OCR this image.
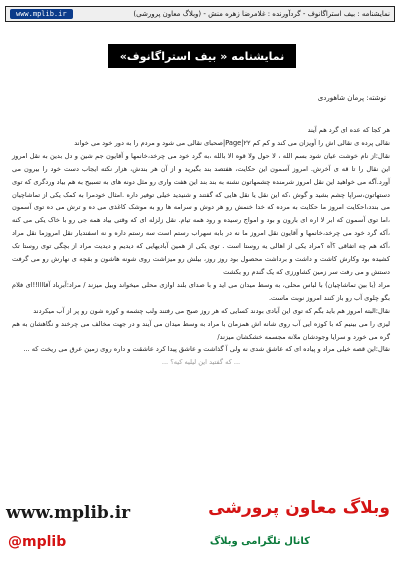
نمایشنامه : بیف استراگانوف - گردآورنده : غلامرضا زهره منش - (وبلاگ معاون پرورشی)
www.mplib.ir
نمایشنامه « بیف استراگانوف»
نوشته: پرمان شاهوردی

هر کجا که عده ای گرد هم آیند

نقالی پرده ی نقالی اش را آویزان می کند و کم کم Page|۲۲|صحبای نقالی می شود و مردم را به دور خود می خواند

نقال:از نام خوشت عیان شود بسم الله ، لا حول ولا قوه الا بالله ،به گرد خود می چرخد،خانمها و آقایون جم شین و دل بدین به نقل امروز این نقال را تا قه ی آخرش. امروز آسمون این حکایت، هفتصد بند بگیرید و از آن هر بندش، هزار نکته ایجاب دست خود را بیرون می آورد.آگه می خواهید این نقل امروز شرمنده چشمهاتون نشنه به بند بند این هفت واری رو مثل دونه های به تسبیح به هم بیاد وردگری که توی دستهاتون،سراپا چشم بشید و گوش ،که این نقل یا نقل هایی که گفتند و شنیدید خیلی توفیر داره .امثال خودمرا به کمک یکی از تماشاچیان می بندد،احکایت امروز ما حکایت به مرده که خدا خنمش رو هر دوش و سرامه ها رو به موشک کاغذی می ده و ترش می ده توی آسمون ،اما توی آسمون که ابر لا اره ای بارون و بود و امواج رسیده و رود همه تیام. نقل زلزله ای که وقتی بیاد همه جی رو با خاک یکی می کنه ،آکه گرد خود می چرخد،خانمها و آقایون نقل امروز ما نه در بابه سهراب رستم است سه رستم داره و نه اسفندیار نقل امروزما نقل مراد ،آکه هم چه اتفاقی ؟آه ؟مراد یکی از اهالی یه روستا است . توی یکی از همین آبادیهایی که دیدیم و دیدیت مراد از بچگی توی روستا تک کشیده بود وکارش کاشت و داشت و برداشت محصول بود روز روز، بیلش رو میزاشت روی شونه هاشون و بقچه ی نهارش رو می گرفت دستش و می رفت سر زمین کشاورزی که یک گندم رو بکشت

مراد (با بین تماشاچیان) با لباس محلی، به وسط میدان می اید و با صدای بلند اوازی محلی میخواند وبیل میزند / مراد:آبرباد آقاااا!!ای فلام بگو چلوی آب رو باز کنند امروز نوبت ماست.

نقال:البته امروز هم باید بگم که توی این آبادی بودند کسایی که هر روز صبح می رفتند ولب چشمه و کوزه شون رو پر از آب میکردند

لیزی را می بینیم که با کوزه ایی آب روی شانه اش همزمان با مراد به وسط میدان می آیند و در جهت مخالف می چرخند و نگاهشان به هم گره می خورد و سرایا وجودشان ملانه مجسمه خشکشان میزند/

نقال:این قصه خیلی مراد و پیاده ای که عاشق شدی نه ولی آ گذاشت و عاشق پیدا کرد عاشقت و داره روی زمین عرق می ریخت که ...

... که گفتید این لیلیه کیه؟ ...

www.mplib.ir	وبلاگ معاون پرورشی
@mplib	کانال تلگرامی وبلاگ
